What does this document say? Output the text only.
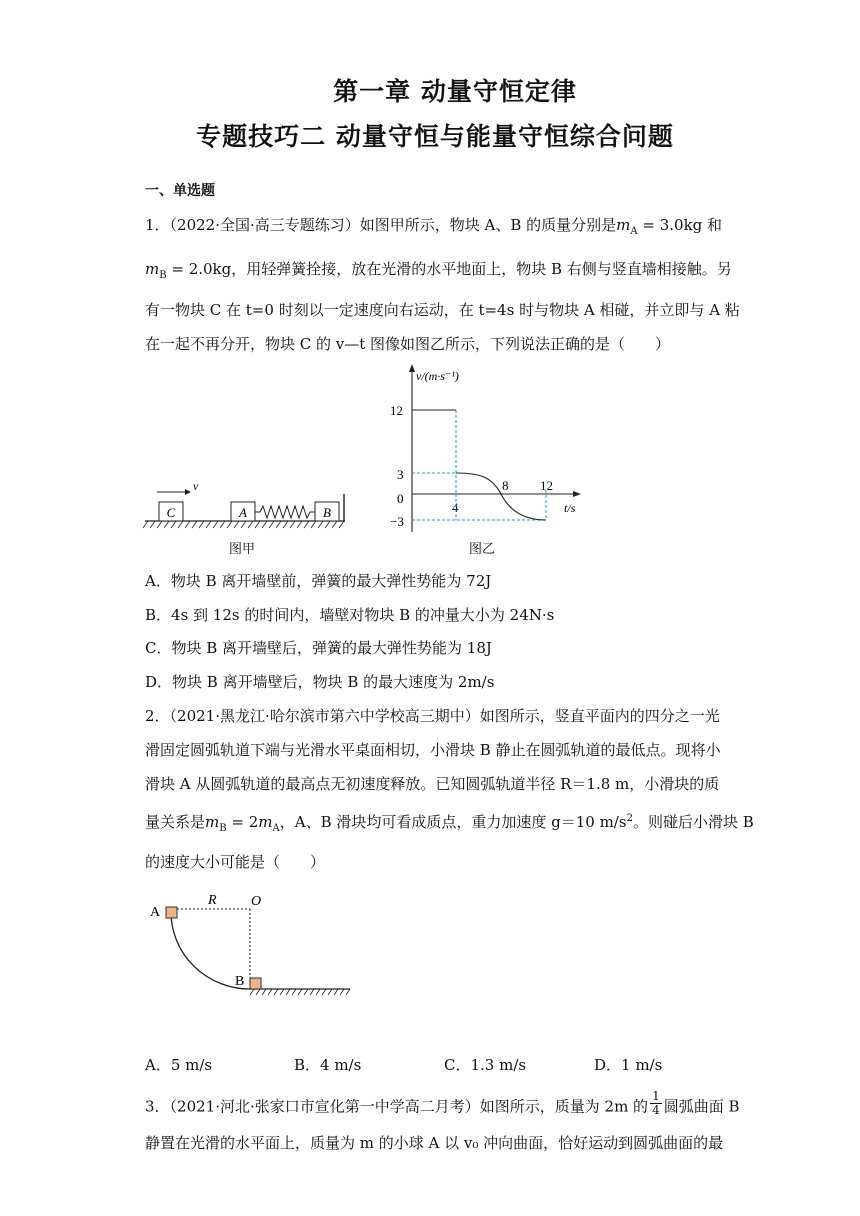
第一章 动量守恒定律
专题技巧二 动量守恒与能量守恒综合问题
一、单选题
1．（2022·全国·高三专题练习）如图甲所示，物块 A、B 的质量分别是$m_A = 3.0kg$ 和
$m_B = 2.0kg$，用轻弹簧拴接，放在光滑的水平地面上，物块 B 右侧与竖直墙相接触。另
有一物块 C 在 t=0 时刻以一定速度向右运动，在 t=4s 时与物块 A 相碰，并立即与 A 粘
在一起不再分开，物块 C 的 v—t 图像如图乙所示，下列说法正确的是（　　）
C
v
A	B
图甲
v/(m·s⁻¹)
t/s
12
3
0
−3
4
8 12
图乙
A．物块 B 离开墙壁前，弹簧的最大弹性势能为 72J
B．4s 到 12s 的时间内，墙壁对物块 B 的冲量大小为 24N·s
C．物块 B 离开墙壁后，弹簧的最大弹性势能为 18J
D．物块 B 离开墙壁后，物块 B 的最大速度为 2m/s
2．（2021·黑龙江·哈尔滨市第六中学校高三期中）如图所示，竖直平面内的四分之一光
滑固定圆弧轨道下端与光滑水平桌面相切，小滑块 B 静止在圆弧轨道的最低点。现将小
滑块 A 从圆弧轨道的最高点无初速度释放。已知圆弧轨道半径 R＝1.8 m，小滑块的质
量关系是$m_B = 2m_A$，A、B 滑块均可看成质点，重力加速度 g＝10 $m/s^2$。则碰后小滑块 B
的速度大小可能是（　　）
A
B
R O
A．5 m/s	B．4 m/s	C．1.3 m/s	D．1 m/s
3．（2021·河北·张家口市宣化第一中学高二月考）如图所示，质量为 2m 的 $\frac{1}{4}$ 圆弧曲面 B
静置在光滑的水平面上，质量为 m 的小球 A 以 v₀ 冲向曲面，恰好运动到圆弧曲面的最
